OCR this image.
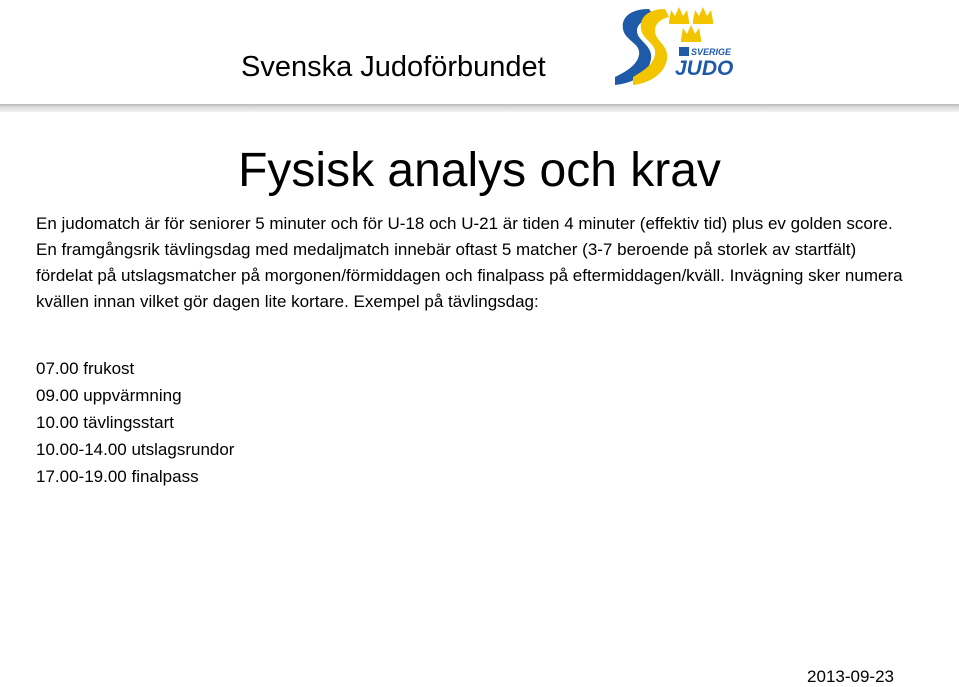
Svenska Judoförbundet	SVERIGE
JUDO
Fysisk analys och krav

En judomatch är för seniorer 5 minuter och för U-18 och U-21 är tiden 4 minuter (effektiv tid) plus ev golden score. En framgångsrik tävlingsdag med medaljmatch innebär oftast 5 matcher (3-7 beroende på storlek av startfält) fördelat på utslagsmatcher på morgonen/förmiddagen och finalpass på eftermiddagen/kväll. Invägning sker numera kvällen innan vilket gör dagen lite kortare. Exempel på tävlingsdag:

07.00 frukost
09.00 uppvärmning
10.00 tävlingsstart
10.00-14.00 utslagsrundor
17.00-19.00 finalpass
2013-09-23
